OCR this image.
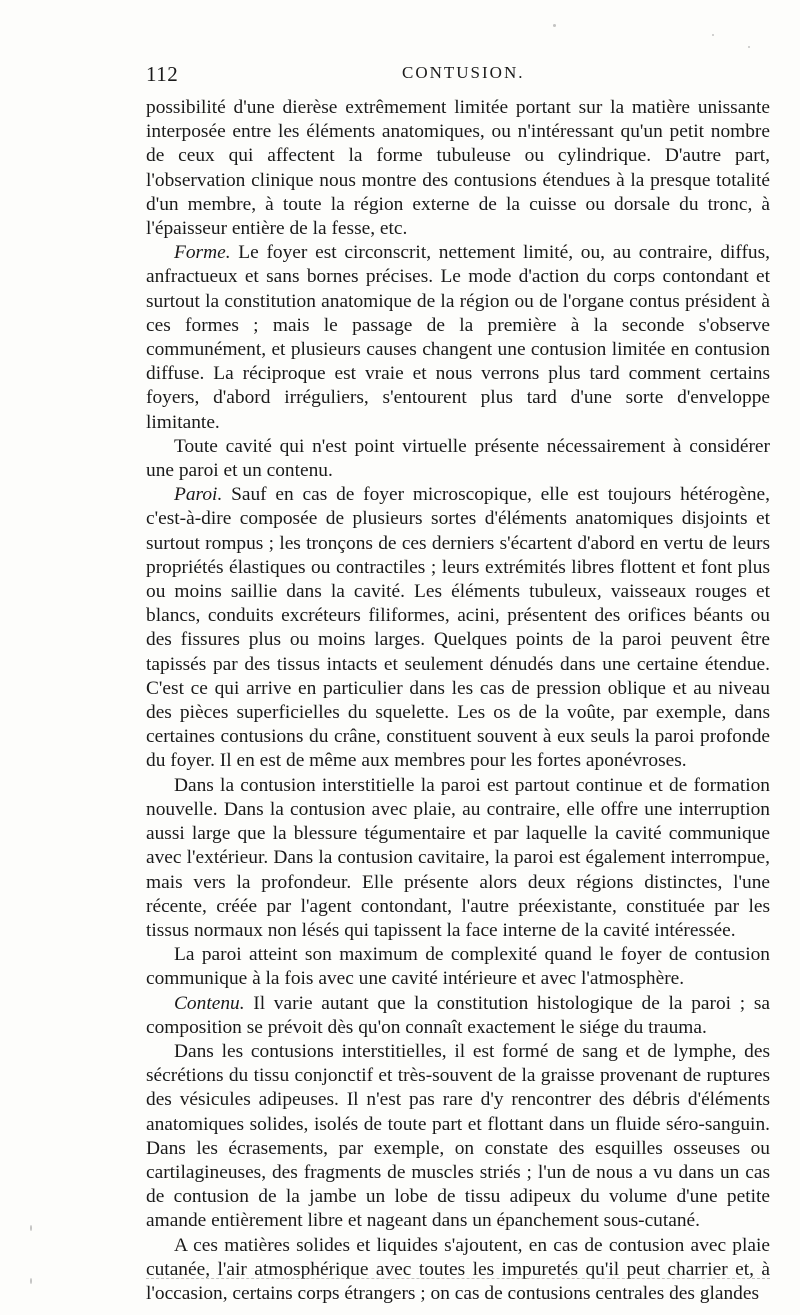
112	CONTUSION.

possibilité d'une dierèse extrêmement limitée portant sur la matière unissante interposée entre les éléments anatomiques, ou n'intéressant qu'un petit nombre de ceux qui affectent la forme tubuleuse ou cylindrique. D'autre part, l'observation clinique nous montre des contusions étendues à la presque totalité d'un membre, à toute la région externe de la cuisse ou dorsale du tronc, à l'épaisseur entière de la fesse, etc.

Forme. Le foyer est circonscrit, nettement limité, ou, au contraire, diffus, anfractueux et sans bornes précises. Le mode d'action du corps contondant et surtout la constitution anatomique de la région ou de l'organe contus président à ces formes ; mais le passage de la première à la seconde s'observe communément, et plusieurs causes changent une contusion limitée en contusion diffuse. La réciproque est vraie et nous verrons plus tard comment certains foyers, d'abord irréguliers, s'entourent plus tard d'une sorte d'enveloppe limitante.

Toute cavité qui n'est point virtuelle présente nécessairement à considérer une paroi et un contenu.

Paroi. Sauf en cas de foyer microscopique, elle est toujours hétérogène, c'est-à-dire composée de plusieurs sortes d'éléments anatomiques disjoints et surtout rompus ; les tronçons de ces derniers s'écartent d'abord en vertu de leurs propriétés élastiques ou contractiles ; leurs extrémités libres flottent et font plus ou moins saillie dans la cavité. Les éléments tubuleux, vaisseaux rouges et blancs, conduits excréteurs filiformes, acini, présentent des orifices béants ou des fissures plus ou moins larges. Quelques points de la paroi peuvent être tapissés par des tissus intacts et seulement dénudés dans une certaine étendue. C'est ce qui arrive en particulier dans les cas de pression oblique et au niveau des pièces superficielles du squelette. Les os de la voûte, par exemple, dans certaines contusions du crâne, constituent souvent à eux seuls la paroi profonde du foyer. Il en est de même aux membres pour les fortes aponévroses.

Dans la contusion interstitielle la paroi est partout continue et de formation nouvelle. Dans la contusion avec plaie, au contraire, elle offre une interruption aussi large que la blessure tégumentaire et par laquelle la cavité communique avec l'extérieur. Dans la contusion cavitaire, la paroi est également interrompue, mais vers la profondeur. Elle présente alors deux régions distinctes, l'une récente, créée par l'agent contondant, l'autre préexistante, constituée par les tissus normaux non lésés qui tapissent la face interne de la cavité intéressée.

La paroi atteint son maximum de complexité quand le foyer de contusion communique à la fois avec une cavité intérieure et avec l'atmosphère.

Contenu. Il varie autant que la constitution histologique de la paroi ; sa composition se prévoit dès qu'on connaît exactement le siége du trauma.

Dans les contusions interstitielles, il est formé de sang et de lymphe, des sécrétions du tissu conjonctif et très-souvent de la graisse provenant de ruptures des vésicules adipeuses. Il n'est pas rare d'y rencontrer des débris d'éléments anatomiques solides, isolés de toute part et flottant dans un fluide séro-sanguin. Dans les écrasements, par exemple, on constate des esquilles osseuses ou cartilagineuses, des fragments de muscles striés ; l'un de nous a vu dans un cas de contusion de la jambe un lobe de tissu adipeux du volume d'une petite amande entièrement libre et nageant dans un épanchement sous-cutané.

A ces matières solides et liquides s'ajoutent, en cas de contusion avec plaie cutanée, l'air atmosphérique avec toutes les impuretés qu'il peut charrier et, à l'occasion, certains corps étrangers ; on cas de contusions centrales des glandes
